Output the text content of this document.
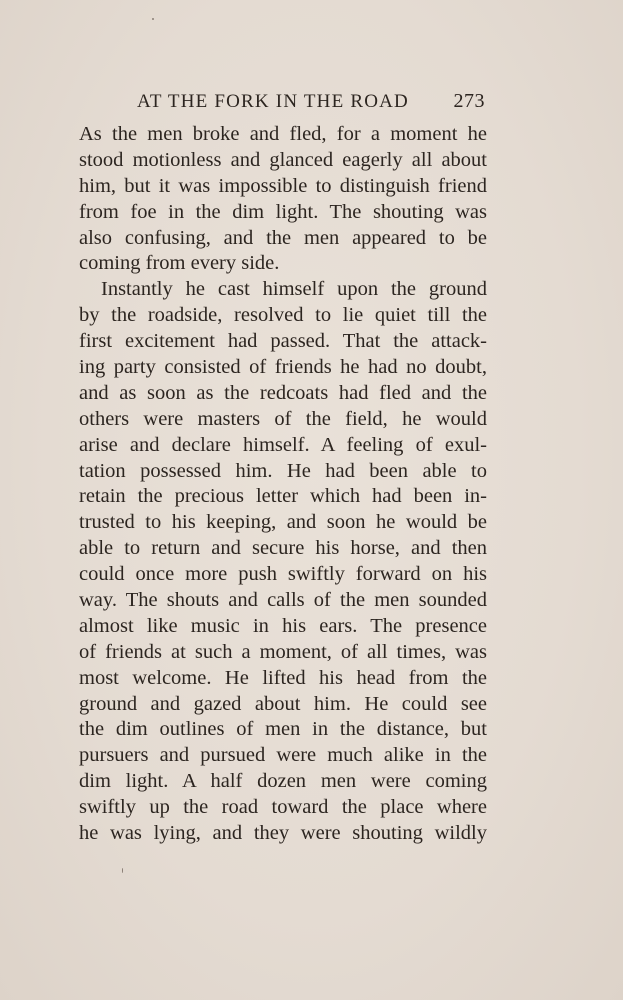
AT THE FORK IN THE ROAD 273
As the men broke and fled, for a moment he
stood motionless and glanced eagerly all about
him, but it was impossible to distinguish friend
from foe in the dim light. The shouting was
also confusing, and the men appeared to be
coming from every side.
Instantly he cast himself upon the ground
by the roadside, resolved to lie quiet till the
first excitement had passed. That the attack-
ing party consisted of friends he had no doubt,
and as soon as the redcoats had fled and the
others were masters of the field, he would
arise and declare himself. A feeling of exul-
tation possessed him. He had been able to
retain the precious letter which had been in-
trusted to his keeping, and soon he would be
able to return and secure his horse, and then
could once more push swiftly forward on his
way. The shouts and calls of the men sounded
almost like music in his ears. The presence
of friends at such a moment, of all times, was
most welcome. He lifted his head from the
ground and gazed about him. He could see
the dim outlines of men in the distance, but
pursuers and pursued were much alike in the
dim light. A half dozen men were coming
swiftly up the road toward the place where
he was lying, and they were shouting wildly
